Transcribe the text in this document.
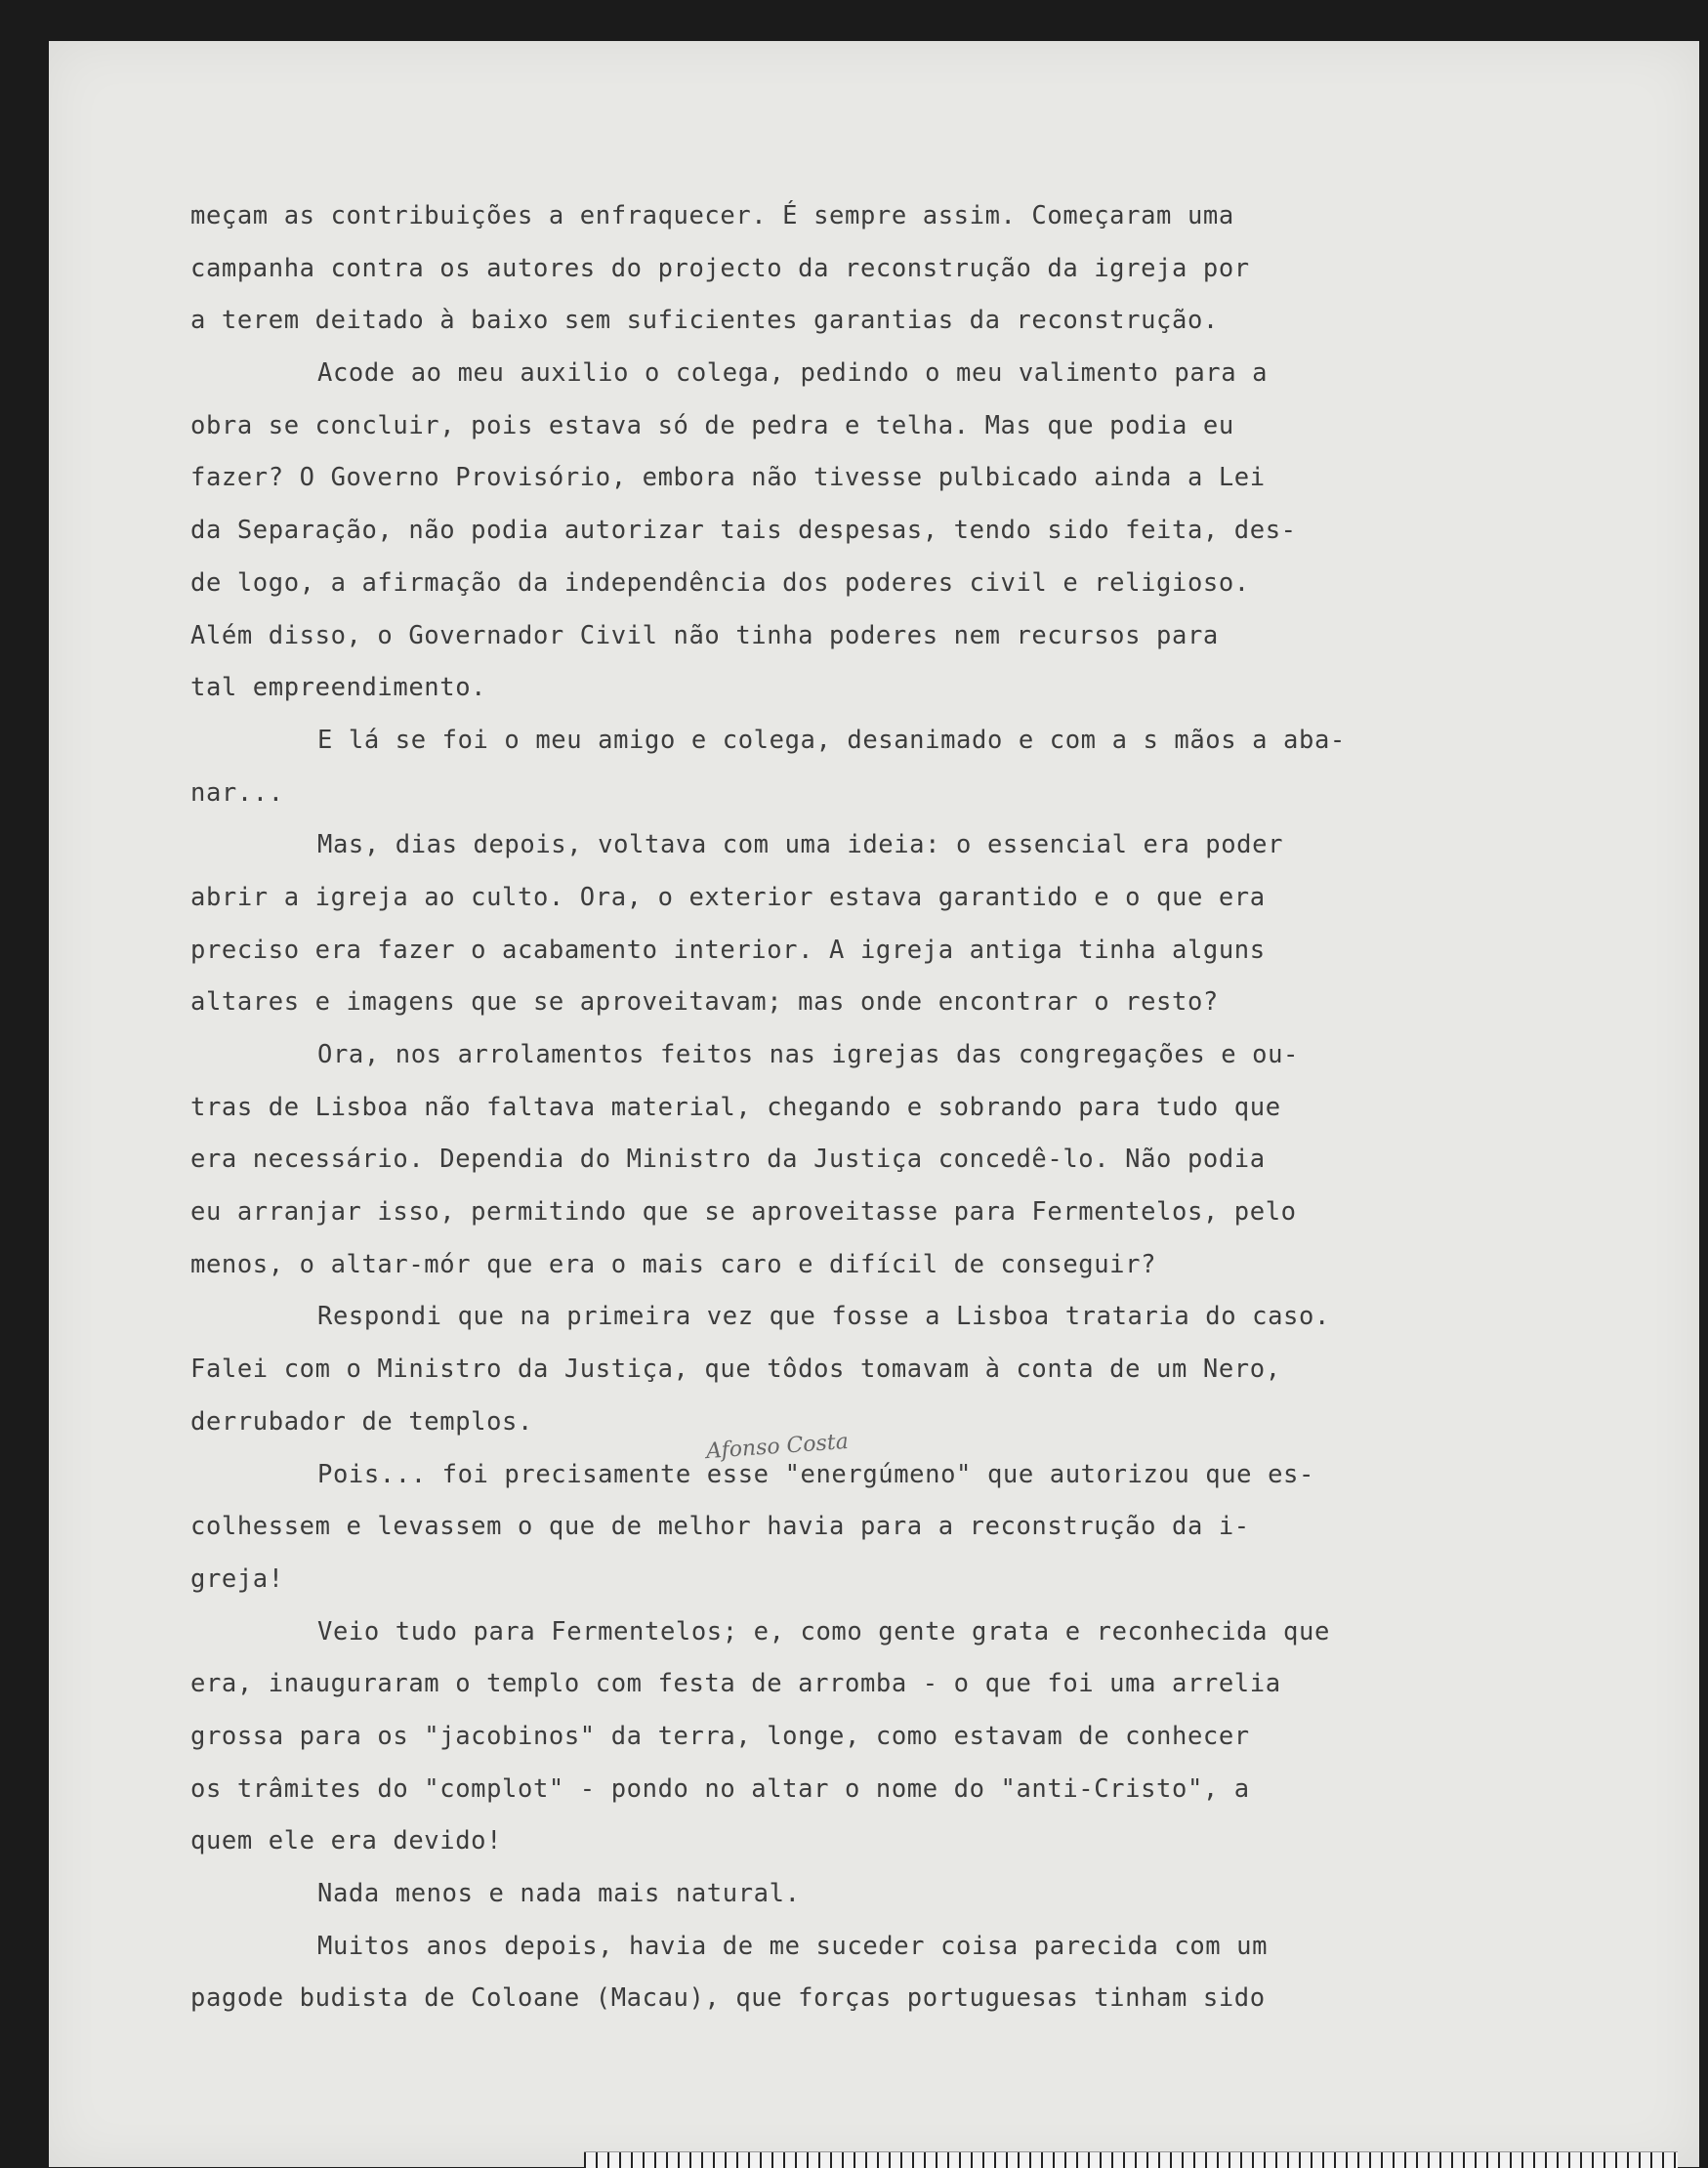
meçam as contribuições a enfraquecer. É sempre assim. Começaram uma
campanha contra os autores do projecto da reconstrução da igreja por
a terem deitado à baixo sem suficientes garantias da reconstrução.
Acode ao meu auxilio o colega, pedindo o meu valimento para a
obra se concluir, pois estava só de pedra e telha. Mas que podia eu
fazer? O Governo Provisório, embora não tivesse pulbicado ainda a Lei
da Separação, não podia autorizar tais despesas, tendo sido feita, des-
de logo, a afirmação da independência dos poderes civil e religioso.
Além disso, o Governador Civil não tinha poderes nem recursos para
tal empreendimento.
E lá se foi o meu amigo e colega, desanimado e com a s mãos a aba-
nar...
Mas, dias depois, voltava com uma ideia: o essencial era poder
abrir a igreja ao culto. Ora, o exterior estava garantido e o que era
preciso era fazer o acabamento interior. A igreja antiga tinha alguns
altares e imagens que se aproveitavam; mas onde encontrar o resto?
Ora, nos arrolamentos feitos nas igrejas das congregações e ou-
tras de Lisboa não faltava material, chegando e sobrando para tudo que
era necessário. Dependia do Ministro da Justiça concedê-lo. Não podia
eu arranjar isso, permitindo que se aproveitasse para Fermentelos, pelo
menos, o altar-mór que era o mais caro e difícil de conseguir?
Respondi que na primeira vez que fosse a Lisboa trataria do caso.
Falei com o Ministro da Justiça, que tôdos tomavam à conta de um Nero,
derrubador de templos.
Pois... foi precisamente esse "energúmeno" que autorizou que es-
colhessem e levassem o que de melhor havia para a reconstrução da i-
greja!
Veio tudo para Fermentelos; e, como gente grata e reconhecida que
era, inauguraram o templo com festa de arromba - o que foi uma arrelia
grossa para os "jacobinos" da terra, longe, como estavam de conhecer
os trâmites do "complot" - pondo no altar o nome do "anti-Cristo", a
quem ele era devido!
Nada menos e nada mais natural.
Muitos anos depois, havia de me suceder coisa parecida com um
pagode budista de Coloane (Macau), que forças portuguesas tinham sido
Afonso Costa
